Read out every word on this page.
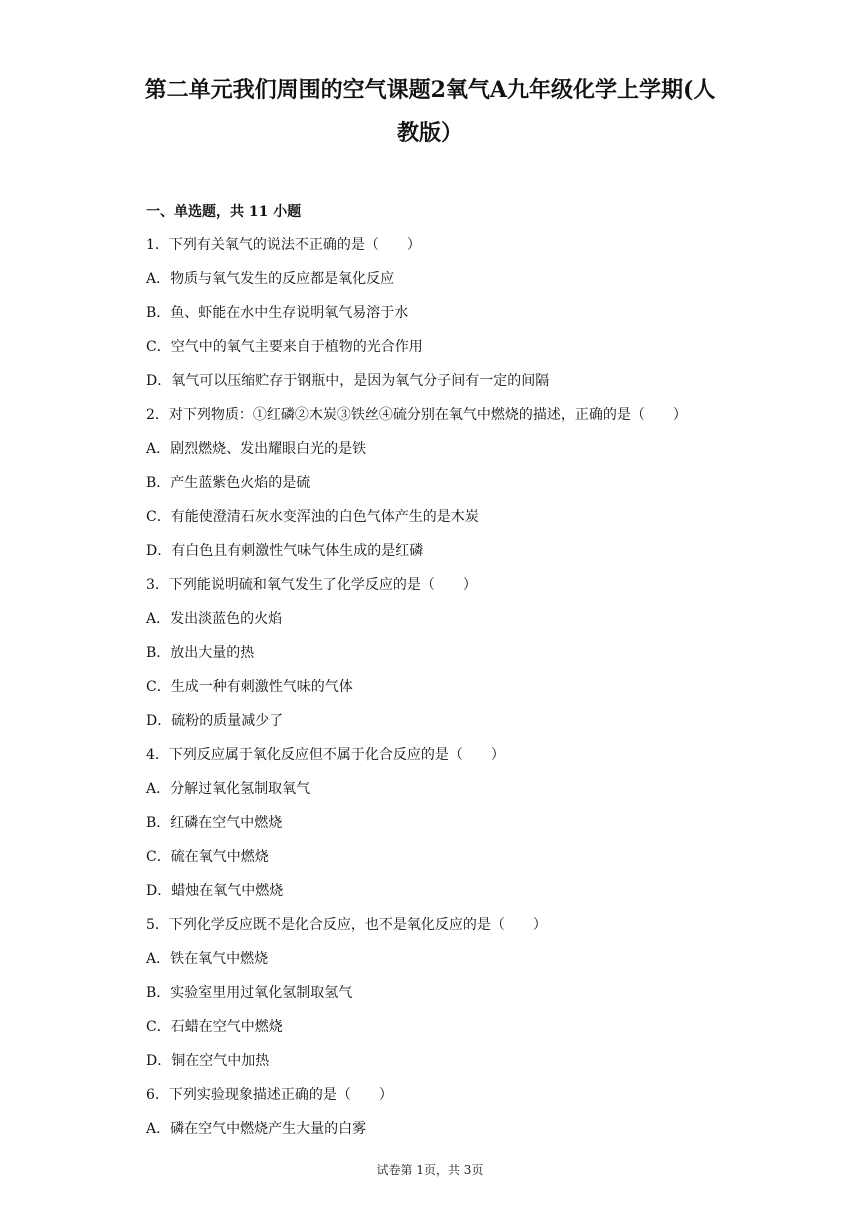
第二单元我们周围的空气课题2氧气A九年级化学上学期(人
教版）
一、单选题，共 11 小题
1．下列有关氧气的说法不正确的是（　　）
A．物质与氧气发生的反应都是氧化反应
B．鱼、虾能在水中生存说明氧气易溶于水
C．空气中的氧气主要来自于植物的光合作用
D．氧气可以压缩贮存于钢瓶中，是因为氧气分子间有一定的间隔
2．对下列物质：①红磷②木炭③铁丝④硫分别在氧气中燃烧的描述，正确的是（　　）
A．剧烈燃烧、发出耀眼白光的是铁
B．产生蓝紫色火焰的是硫
C．有能使澄清石灰水变浑浊的白色气体产生的是木炭
D．有白色且有刺激性气味气体生成的是红磷
3．下列能说明硫和氧气发生了化学反应的是（　　）
A．发出淡蓝色的火焰
B．放出大量的热
C．生成一种有刺激性气味的气体
D．硫粉的质量减少了
4．下列反应属于氧化反应但不属于化合反应的是（　　）
A．分解过氧化氢制取氧气
B．红磷在空气中燃烧
C．硫在氧气中燃烧
D．蜡烛在氧气中燃烧
5．下列化学反应既不是化合反应，也不是氧化反应的是（　　）
A．铁在氧气中燃烧
B．实验室里用过氧化氢制取氢气
C．石蜡在空气中燃烧
D．铜在空气中加热
6．下列实验现象描述正确的是（　　）
A．磷在空气中燃烧产生大量的白雾
试卷第 1页，共 3页
